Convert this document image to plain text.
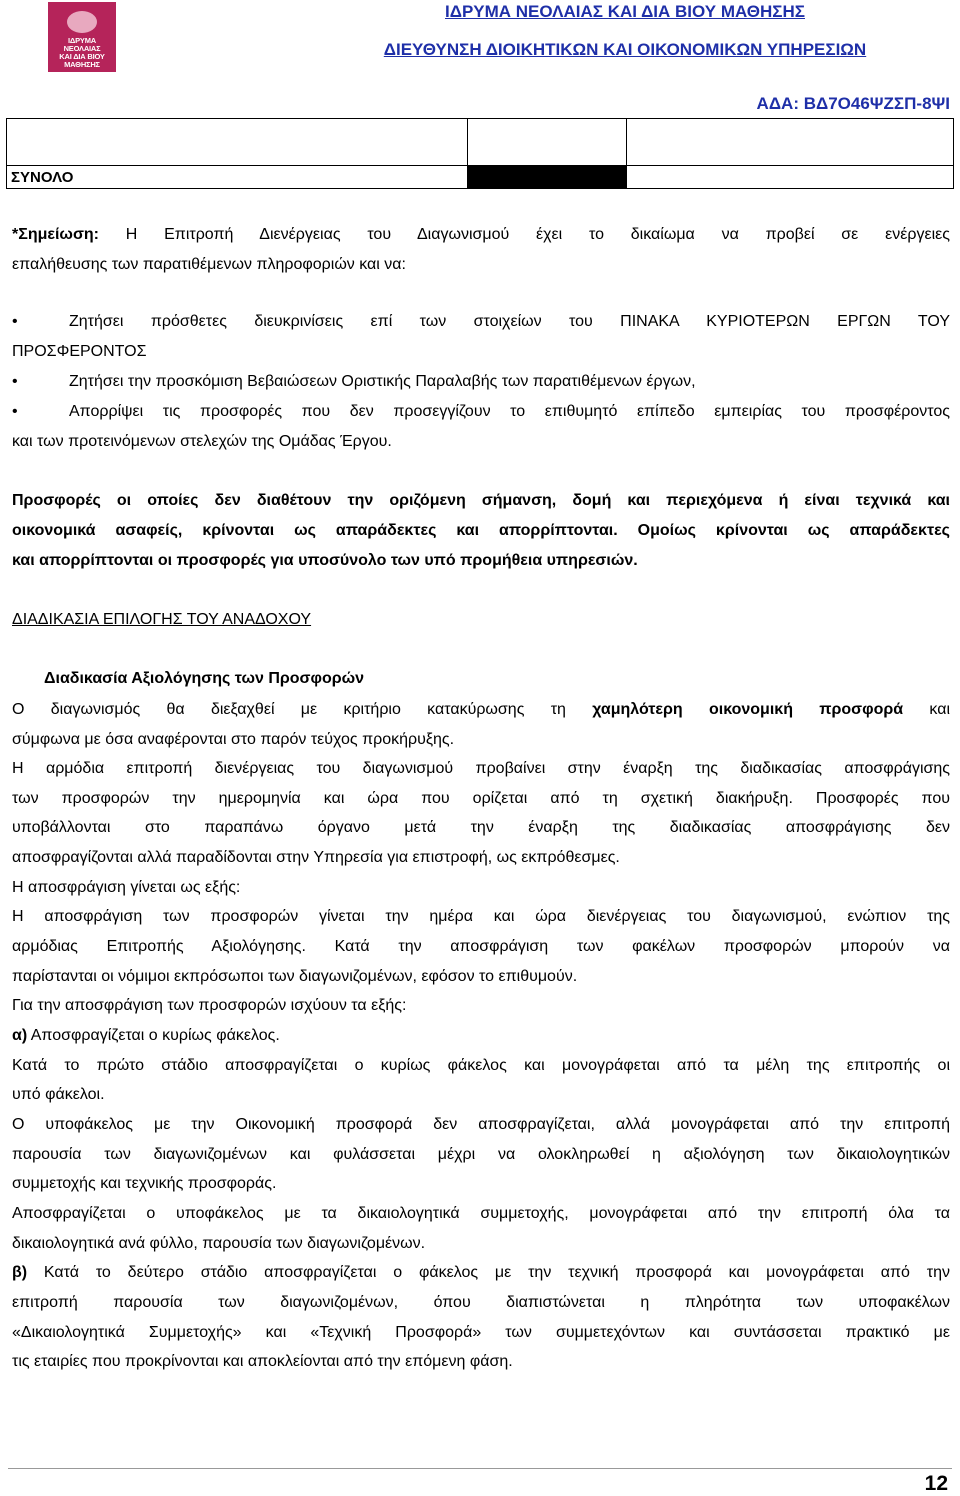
ΙΔΡΥΜΑ
ΝΕΟΛΑΙΑΣ
ΚΑΙ ΔΙΑ ΒΙΟΥ
ΜΑΘΗΣΗΣ
ΙΔΡΥΜΑ ΝΕΟΛΑΙΑΣ ΚΑΙ ΔΙΑ ΒΙΟΥ ΜΑΘΗΣΗΣ
ΔΙΕΥΘΥΝΣΗ ΔΙΟΙΚΗΤΙΚΩΝ ΚΑΙ ΟΙΚΟΝΟΜΙΚΩΝ ΥΠΗΡΕΣΙΩΝ
ΑΔΑ: ΒΔ7Ο46ΨΖΣΠ-8ΨΙ

ΣΥΝΟΛΟ		

*Σημείωση: Η Επιτροπή Διενέργειας του Διαγωνισμού έχει το δικαίωμα να προβεί σε ενέργειες

επαλήθευσης των παρατιθέμενων πληροφοριών και να:

•	Ζητήσει πρόσθετες διευκρινίσεις επί των στοιχείων του ΠΙΝΑΚΑ ΚΥΡΙΟΤΕΡΩΝ ΕΡΓΩΝ ΤΟΥ

ΠΡΟΣΦΕΡΟΝΤΟΣ

•	Ζητήσει την προσκόμιση Βεβαιώσεων Οριστικής Παραλαβής των παρατιθέμενων έργων,
•	Απορρίψει τις προσφορές που δεν προσεγγίζουν το επιθυμητό επίπεδο εμπειρίας του προσφέροντος

και των προτεινόμενων στελεχών της Ομάδας Έργου.

Προσφορές οι οποίες δεν διαθέτουν την οριζόμενη σήμανση, δομή και περιεχόμενα ή είναι τεχνικά και

οικονομικά ασαφείς, κρίνονται ως απαράδεκτες και απορρίπτονται. Ομοίως κρίνονται ως απαράδεκτες

και απορρίπτονται οι προσφορές για υποσύνολο των υπό προμήθεια υπηρεσιών.

ΔΙΑΔΙΚΑΣΙΑ ΕΠΙΛΟΓΗΣ ΤΟΥ ΑΝΑΔΟΧΟΥ

Διαδικασία Αξιολόγησης των Προσφορών

Ο διαγωνισμός θα διεξαχθεί με κριτήριο κατακύρωσης τη χαμηλότερη οικονομική προσφορά και

σύμφωνα με όσα αναφέρονται στο παρόν τεύχος προκήρυξης.

Η αρμόδια επιτροπή διενέργειας του διαγωνισμού προβαίνει στην έναρξη της διαδικασίας αποσφράγισης

των προσφορών την ημερομηνία και ώρα που ορίζεται από τη σχετική διακήρυξη. Προσφορές που

υποβάλλονται στο παραπάνω όργανο μετά την έναρξη της διαδικασίας αποσφράγισης δεν

αποσφραγίζονται αλλά παραδίδονται στην Υπηρεσία για επιστροφή, ως εκπρόθεσμες.

Η αποσφράγιση γίνεται ως εξής:

Η αποσφράγιση των προσφορών γίνεται την ημέρα και ώρα διενέργειας του διαγωνισμού, ενώπιον της

αρμόδιας Επιτροπής Αξιολόγησης. Κατά την αποσφράγιση των φακέλων προσφορών μπορούν να

παρίστανται οι νόμιμοι εκπρόσωποι των διαγωνιζομένων, εφόσον το επιθυμούν.

Για την αποσφράγιση των προσφορών ισχύουν τα εξής:

α) Αποσφραγίζεται ο κυρίως φάκελος.

Κατά το πρώτο στάδιο αποσφραγίζεται ο κυρίως φάκελος και μονογράφεται από τα μέλη της επιτροπής οι

υπό φάκελοι.

Ο υποφάκελος με την Οικονομική προσφορά δεν αποσφραγίζεται, αλλά μονογράφεται από την επιτροπή

παρουσία των διαγωνιζομένων και φυλάσσεται μέχρι να ολοκληρωθεί η αξιολόγηση των δικαιολογητικών

συμμετοχής και τεχνικής προσφοράς.

Αποσφραγίζεται ο υποφάκελος με τα δικαιολογητικά συμμετοχής, μονογράφεται από την επιτροπή όλα τα

δικαιολογητικά ανά φύλλο, παρουσία των διαγωνιζομένων.

β) Κατά το δεύτερο στάδιο αποσφραγίζεται ο φάκελος με την τεχνική προσφορά και μονογράφεται από την

επιτροπή παρουσία των διαγωνιζομένων, όπου διαπιστώνεται η πληρότητα των υποφακέλων

«Δικαιολογητικά Συμμετοχής» και «Τεχνική Προσφορά» των συμμετεχόντων και συντάσσεται πρακτικό με

τις εταιρίες που προκρίνονται και αποκλείονται από την επόμενη φάση.

12
